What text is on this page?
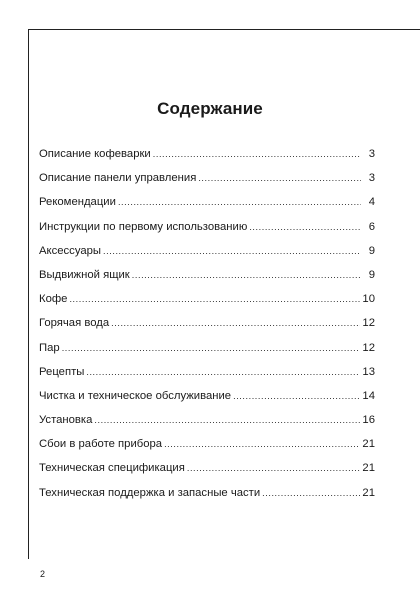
Содержание
Описание кофеварки .....	3
Описание панели управления .....	3
Рекомендации .....	4
Инструкции по первому использованию .....	6
Аксессуары .....	9
Выдвижной ящик .....	9
Кофе .....	10
Горячая вода .....	12
Пар .....	12
Рецепты .....	13
Чистка и техническое обслуживание .....	14
Установка .....	16
Сбои в работе прибора .....	21
Техническая спецификация .....	21
Техническая поддержка и запасные части .....	21
2
